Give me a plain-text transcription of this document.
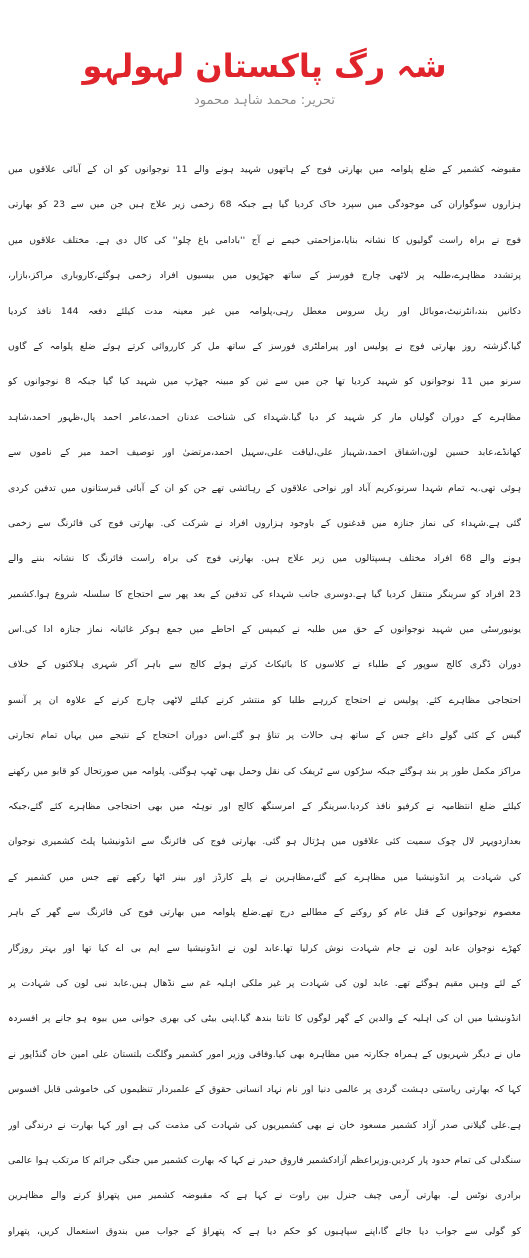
شہ رگ پاکستان لہولہو
تحریر: محمد شاہد محمود
مقبوضہ کشمیر کے ضلع پلوامہ میں بھارتی فوج کے ہاتھوں شہید ہونے والے 11 نوجوانوں کو ان کے آبائی علاقوں میں
ہزاروں سوگواران کی موجودگی میں سپرد خاک کردیا گیا ہے جبکہ 68 زخمی زیر علاج ہیں جن میں سے 23 کو بھارتی
فوج نے براہ راست گولیوں کا نشانہ بنایا،مزاحمتی خیمے نے آج ''بادامی باغ چلو'' کی کال دی ہے. مختلف علاقوں میں
پرتشدد مظاہرے،طلبہ پر لاٹھی چارج فورسز کے ساتھ جھڑپوں میں بیسیوں افراد زخمی ہوگئے،کاروباری مراکز،بازار،
دکانیں بند،انٹرنیٹ،موبائل اور ریل سروس معطل رہی،پلوامہ میں غیر معینہ مدت کیلئے دفعہ 144 نافذ کردیا
گیا.گزشتہ روز بھارتی فوج نے پولیس اور پیراملٹری فورسز کے ساتھ مل کر کارروائی کرتے ہوئے ضلع پلوامہ کے گاوں
سرنو میں 11 نوجوانوں کو شہید کردیا تھا جن میں سے تین کو مبینہ جھڑپ میں شہید کیا گیا جبکہ 8 نوجوانوں کو
مظاہرے کے دوران گولیاں مار کر شہید کر دیا گیا.شہداء کی شناخت عدنان احمد،عامر احمد پال،ظہور احمد،شاہد
کھانڈے،عابد حسین لون،اشفاق احمد،شہباز علی،لیاقت علی،سہیل احمد،مرتضیٰ اور توصیف احمد میر کے ناموں سے
ہوئی تھی.یہ تمام شہدا سرنو،کریم آباد اور نواحی علاقوں کے رہائشی تھے جن کو ان کے آبائی قبرستانوں میں تدفین کردی
گئی ہے.شہداء کی نماز جنازہ میں قدغنوں کے باوجود ہزاروں افراد نے شرکت کی. بھارتی فوج کی فائرنگ سے زخمی
ہونے والے 68 افراد مختلف ہسپتالوں میں زیر علاج ہیں. بھارتی فوج کی براہ راست فائرنگ کا نشانہ بننے والے
23 افراد کو سرینگر منتقل کردیا گیا ہے.دوسری جانب شہداء کی تدفین کے بعد پھر سے احتجاج کا سلسلہ شروع ہوا.کشمیر
یونیورسٹی میں شہید نوجوانوں کے حق میں طلبہ نے کیمپس کے احاطے میں جمع ہوکر غائبانہ نماز جنازہ ادا کی.اس
دوران ڈگری کالج سوپور کے طلباء نے کلاسوں کا بائیکاٹ کرتے ہوئے کالج سے باہر آکر شہری ہلاکتوں کے خلاف
احتجاجی مظاہرے کئے. پولیس نے احتجاج کررہے طلبا کو منتشر کرنے کیلئے لاٹھی چارج کرنے کے علاوہ ان پر آنسو
گیس کے کئی گولے داغے جس کے ساتھ ہی حالات پر تناؤ ہو گئے.اس دوران احتجاج کے نتیجے میں یہاں تمام تجارتی
مراکز مکمل طور پر بند ہوگئے جبکہ سڑکوں سے ٹریفک کی نقل وحمل بھی ٹھپ ہوگئی. پلوامہ میں صورتحال کو قابو میں رکھنے
کیلئے ضلع انتظامیہ نے کرفیو نافذ کردیا.سرینگر کے امرسنگھ کالج اور نوہٹہ میں بھی احتجاجی مظاہرے کئے گئے،جبکہ
بعدازدوپہر لال چوک سمیت کئی علاقوں میں ہڑتال ہو گئی. بھارتی فوج کی فائرنگ سے انڈونیشیا پلٹ کشمیری نوجوان
کی شہادت پر انڈونیشیا میں مظاہرے کیے گئے،مظاہرین نے پلے کارڈز اور بینر اٹھا رکھے تھے جس میں کشمیر کے
معصوم نوجوانوں کے قتل عام کو روکنے کے مطالبے درج تھے.ضلع پلوامہ میں بھارتی فوج کی فائرنگ سے گھر کے باہر
کھڑے نوجوان عابد لون نے جام شہادت نوش کرلیا تھا.عابد لون نے انڈونیشیا سے ایم بی اے کیا تھا اور بہتر روزگار
کے لئے وہیں مقیم ہوگئے تھے. عابد لون کی شہادت پر غیر ملکی اہلیہ غم سے نڈھال ہیں.عابد نبی لون کی شہادت پر
انڈونیشیا میں ان کی اہلیہ کے والدین کے گھر لوگوں کا تانتا بندھ گیا.اپنی بیٹی کی بھری جوانی میں بیوہ ہو جانے پر افسردہ
ماں نے دیگر شہریوں کے ہمراہ جکارتہ میں مظاہرہ بھی کیا.وفاقی وزیر امور کشمیر وگلگت بلتستان علی امین خان گنڈاپور نے
کہا کہ بھارتی ریاستی دہشت گردی پر عالمی دنیا اور نام نہاد انسانی حقوق کے علمبردار تنظیموں کی خاموشی قابل افسوس
ہے.علی گیلانی صدر آزاد کشمیر مسعود خان نے بھی کشمیریوں کی شہادت کی مذمت کی ہے اور کہا بھارت نے درندگی اور
سنگدلی کی تمام حدود پار کردیں.وزیراعظم آزادکشمیر فاروق حیدر نے کہا کہ بھارت کشمیر میں جنگی جرائم کا مرتکب ہوا عالمی
برادری نوٹس لے. بھارتی آرمی چیف جنرل بپن راوت نے کہا ہے کہ مقبوضہ کشمیر میں پتھراؤ کرنے والے مظاہرین
کو گولی سے جواب دیا جائے گا،اپنے سپاہیوں کو حکم دیا ہے کہ پتھراؤ کے جواب میں بندوق استعمال کریں، پتھراو
